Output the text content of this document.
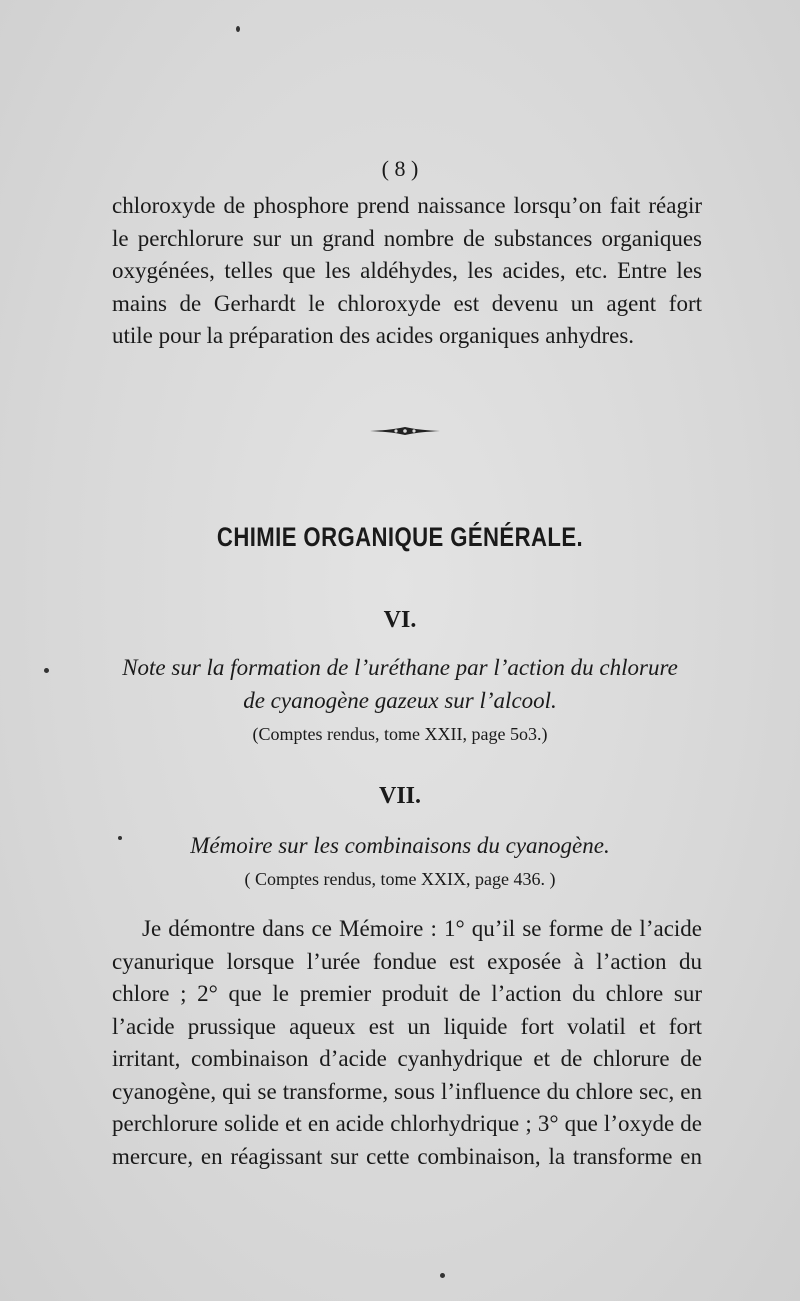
( 8 )
chloroxyde de phosphore prend naissance lorsqu’on fait réagir
le perchlorure sur un grand nombre de substances organiques
oxygénées, telles que les aldéhydes, les acides, etc. Entre les
mains de Gerhardt le chloroxyde est devenu un agent fort
utile pour la préparation des acides organiques anhydres.
CHIMIE ORGANIQUE GÉNÉRALE.
VI.
Note sur la formation de l’uréthane par l’action du chlorure
de cyanogène gazeux sur l’alcool.
(Comptes rendus, tome XXII, page 5o3.)
VII.
Mémoire sur les combinaisons du cyanogène.
( Comptes rendus, tome XXIX, page 436. )
Je démontre dans ce Mémoire : 1° qu’il se forme de l’acide
cyanurique lorsque l’urée fondue est exposée à l’action du
chlore ; 2° que le premier produit de l’action du chlore sur
l’acide prussique aqueux est un liquide fort volatil et fort
irritant, combinaison d’acide cyanhydrique et de chlorure de
cyanogène, qui se transforme, sous l’influence du chlore sec, en
perchlorure solide et en acide chlorhydrique ; 3° que l’oxyde de
mercure, en réagissant sur cette combinaison, la transforme en
